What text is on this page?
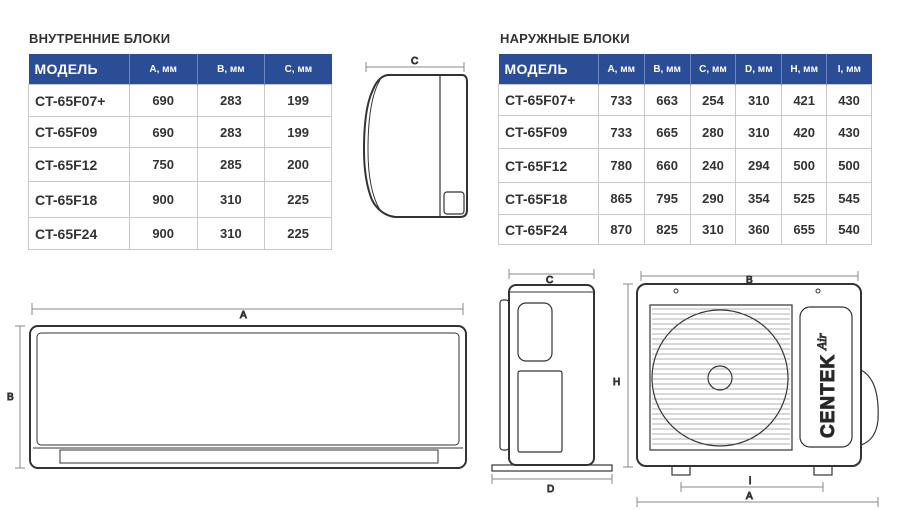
ВНУТРЕННИЕ БЛОКИ	НАРУЖНЫЕ БЛОКИ
МОДЕЛЬ	A, мм	B, мм	C, мм
CT-65F07+	690	283	199
CT-65F09	690	283	199
CT-65F12	750	285	200
CT-65F18	900	310	225
CT-65F24	900	310	225
МОДЕЛЬ	A, мм	B, мм	C, мм	D, мм	H, мм	I, мм
CT-65F07+	733	663	254	310	421	430
CT-65F09	733	665	280	310	420	430
CT-65F12	780	660	240	294	500	500
CT-65F18	865	795	290	354	525	545
CT-65F24	870	825	310	360	655	540
C
A
B
C
D
CENTEK
Air
B
H
i
A
